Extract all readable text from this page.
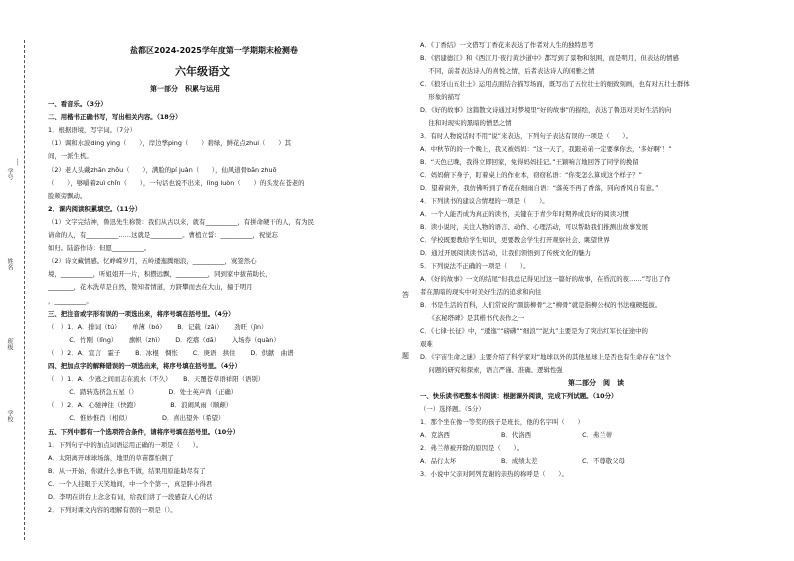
学号
姓名
班级
学校
┆
答
题
盐都区2024-2025学年度第一学期期末检测卷
六年级语文
第一部分　积累与运用
一、看音乐。（3分）
二、用楷书正确书写，写出相关内容。（18分）
1．根据语境，写字词。（7分）
（1）调和水波ding ying（　　），岸边孳ping（　　）碧绿，鲜花点zhui（　　）其
间，一派生机。
（2）老人头戴zhān zhōu（　　），满脸的pí juàn（　　），仙风道骨bān zhuō
（　　），够嚼着zuì chǐn（　　），一句话也说不出来，lìng luòn（　　）的头发在苍老的
脸颊旁飘动。
2．课内阅读积累填空。（11分）
（1）文字完结神，鲁迅先生称赞：我们从古以来，就有__________，有拼命硬干的人，有为民
请命的人，有__________……这就是__________。曹植立誓：__________，祝觉忘
如归。陆游作诗：但愿__________。
（2）诗文藏情感。忆峥嵘岁月，五岭逶迤腾细浪，__________，寞签然心
境，__________，听姐姐开一片，积攒远飘，__________，同到家中拔苗助长，
________，花木洗草是自然，赞知者情道，方跻攀而去在大山，撞于明月
，__________。
三、把注音或字形有误的一项选出来，将序号填在括号里。（4分）
（　）1．A．排词（tú）　　 单薄（bó）　　 B．记载（zǎi）　　 劲旺（jìn）
　　　 C．竹刚（lǐng）　　 旗帜（zhì）　　 D．疙瘩（dā）　　 入场券（quàn）
（　）2．A．宣言　霍子　　 B．冰棍　惆怅　　 C．庚语　拱住　　 D．供献　曲谱
四、把加点字的解释错误的一项选出来，将序号填在括号里。（4分）
（　）1．A．少逃之间而志在流水（不久）　　 B．天覆苍草语祥阳（语别）
　　　 C．踏转选挤急五星（）　　　　　 D．处士英声尚（正确）
（　）2．A．心驰神往（快跑）　　　　　 B．浪闹风雨（顺颠）
　　　 C．惟妙惟肖（相似）　　　　　 D．喜出望外（希望）
五、下列中都有一个选项符合条件，请将序号填在括号里。（10分）
1．下列句子中的加点词语运用正确的一项是（　　）。
A．太阳离开球球场落，地里的草苗都怕荆了
B．从一开始，你就什么事也不做，结果用原能助尽有了
C．一个人挂眼于天笑地间，中一个个第一，真是胖小得君
D．李明在讲台上念念有词，给我们讲了一段感奋人心的话
2．下列对课文内容的理解有误的一项是（）。
A．《丁香结》一文借写丁香花来表达了作者对人生的独特思考
B．《宿建德江》和《西江月·夜行黄沙道中》都写到了景物和氛围，而是明月，但表达的情感
　 不同，前者表达诗人的喜悦之情，后者表达诗人的闲雅之情
C．《狼牙山五壮士》运用点面结合描写场面，既写出了五位壮士的细致刻画，也有对五壮士群体
　 形象的描写
D．《好的故事》这篇散文诗通过对梦境里“好的故事”的描绘，表达了鲁迅对美好生活的向
　 往和对现实的黑暗的憎恶之情
3．有时人物说话时不用“说”来表达，下列句子表达有误的一项是（　　）。
A．中秋节的的一个晚上，我又被妈妈：“这一天了，我跟弟弟一定要拿你去，‘多好啊’！”
B．“天色已晚，我得立即回家，免得妈妈挂记。”王颖响言地回答了同学的挽留
C．妈妈俯下身子，盯着桌上的作业本，窃窃私语：“你变怎么算成这个样子？”
D．望着窗外，我仿佛听到了香花在细雨自语：“落英不再了香落，同向香风自有意。”
4．下列读书的建议合情理的一项是（　　）。
A．一个人能否成为真正的读书，关键在于青少年时期养成良好的阅读习惯
B．读小说时，关注人物的语言、动作、心理活动，可以帮助我们推测出故事发展
C．学校既要教给学生知识，更要教会学生打开观察社会、眺望世界
D．通过开展阅读读书活动，让我们领悟到了传统文化的魅力
5．下列说法不正确的一项是（　　）。
A．《好的故事》一文的结尾“但我总记得见过这一篇好的故事，在昏沉的夜……”写出了作
者在黑暗的现实中对美好生活的追求和向往
B．书是生活的百科，人们常说的“颜筋柳骨”之“柳骨”就是指柳公权的书法瘦硬挺拔。
　 《玄秘塔碑》是其楷书代表作之一
C．《七律·长征》中，“逶迤”“磅礴”“细浪”“泥丸”主要是为了突出红军长征途中的
艰难
D．《宇宙生命之谜》主要介绍了科学家对“地球以外的其他星球上是否也有生命存在”这个
　 问题的研究和探索，语言严谨、准确、逻辑性强
第二部分　阅　读
一、快乐读书吧整本书阅读：根据课外阅读，完成下列试题。（10分）
（一）选择题。（5分）
1．那个坐在像一等奖的孩子是班长，他的名字叫（　　）
A．克洛西　　　　　　　　B．代洛西　　　　　　　　C．弗兰蒂
2．弗兰蒂被开除的原因是（　　）。
A．品行太坏　　　　　　　B．成绩太差　　　　　　　C．不尊敬父母
3．小说中父亲对阿列克谢的亲热的称呼是（　　）。
